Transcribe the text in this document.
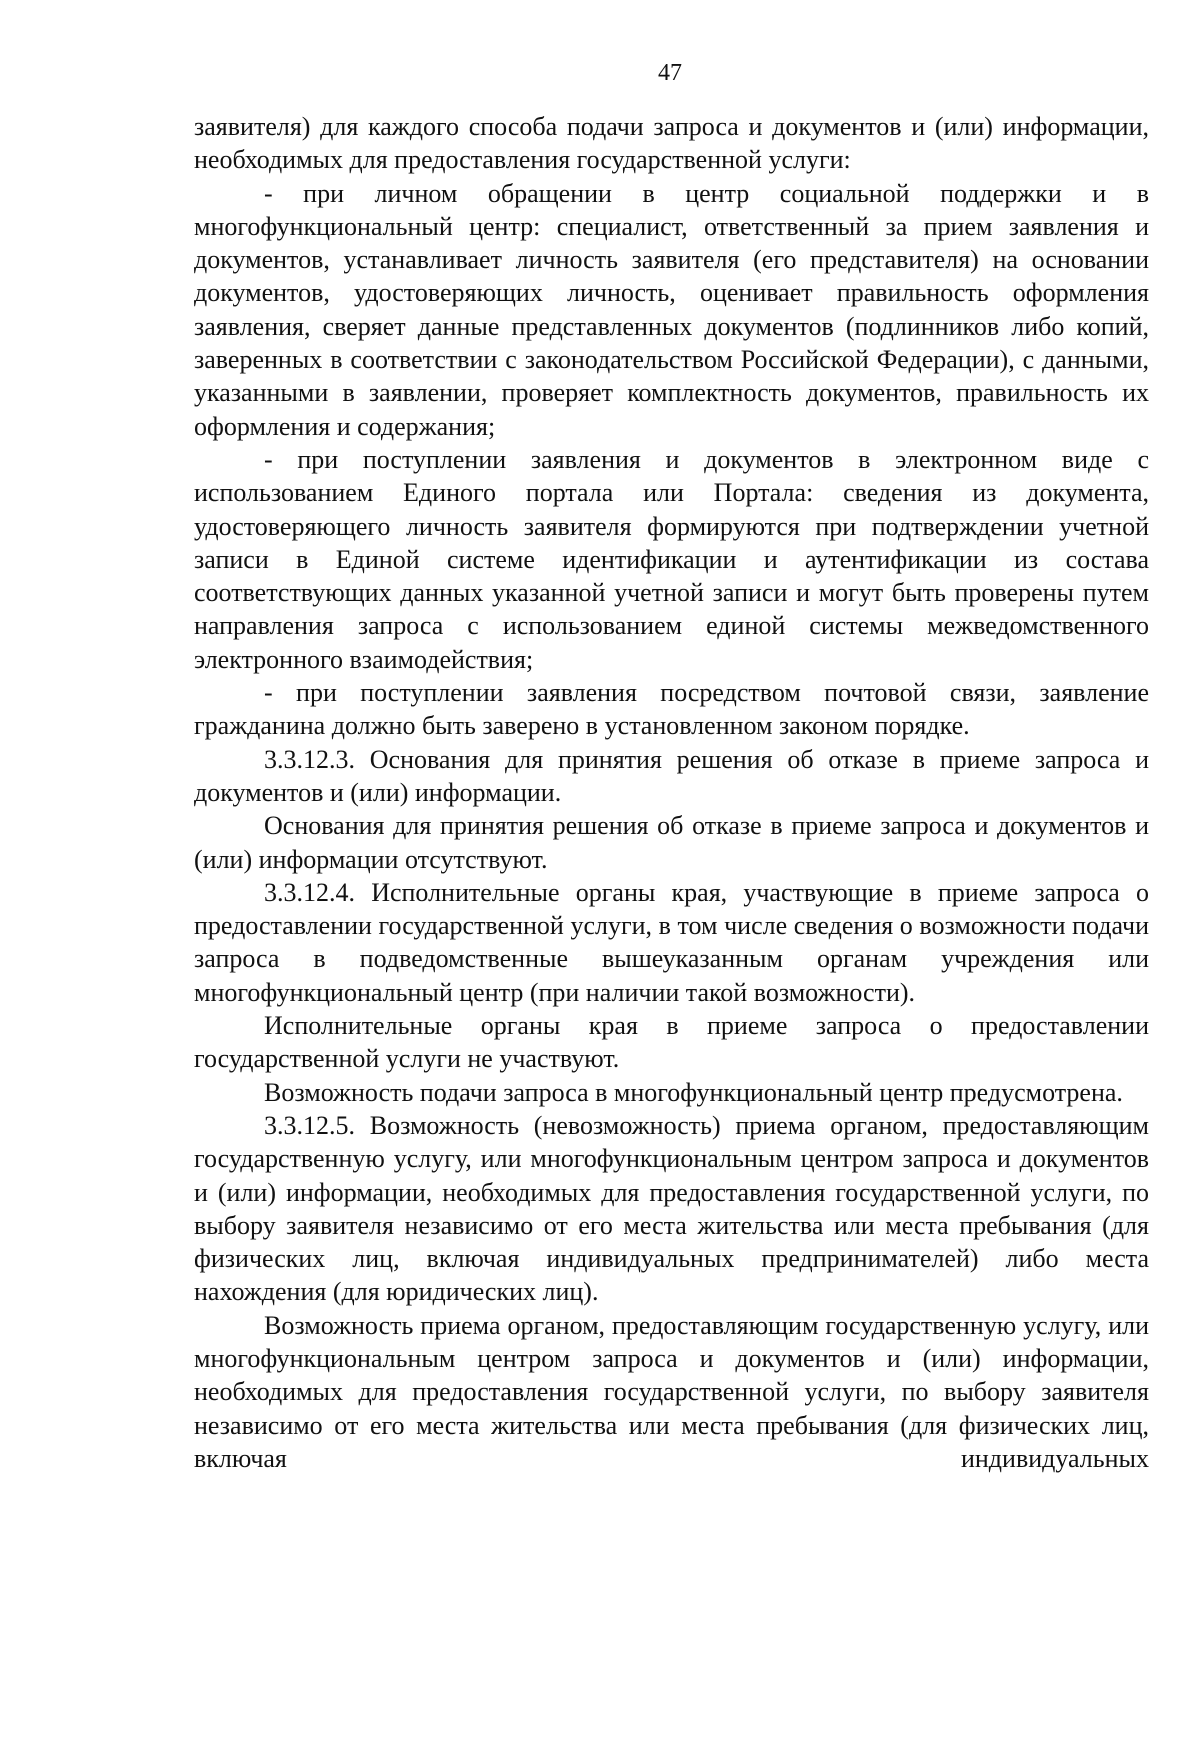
47

заявителя) для каждого способа подачи запроса и документов и (или) информации, необходимых для предоставления государственной услуги:

- при личном обращении в центр социальной поддержки и в многофункциональный центр: специалист, ответственный за прием заявления и документов, устанавливает личность заявителя (его представителя) на основании документов, удостоверяющих личность, оценивает правильность оформления заявления, сверяет данные представленных документов (подлинников либо копий, заверенных в соответствии с законодательством Российской Федерации), с данными, указанными в заявлении, проверяет комплектность документов, правильность их оформления и содержания;

- при поступлении заявления и документов в электронном виде с использованием Единого портала или Портала: сведения из документа, удостоверяющего личность заявителя формируются при подтверждении учетной записи в Единой системе идентификации и аутентификации из состава соответствующих данных указанной учетной записи и могут быть проверены путем направления запроса с использованием единой системы межведомственного электронного взаимодействия;

- при поступлении заявления посредством почтовой связи, заявление гражданина должно быть заверено в установленном законом порядке.

3.3.12.3. Основания для принятия решения об отказе в приеме запроса и документов и (или) информации.

Основания для принятия решения об отказе в приеме запроса и документов и (или) информации отсутствуют.

3.3.12.4. Исполнительные органы края, участвующие в приеме запроса о предоставлении государственной услуги, в том числе сведения о возможности подачи запроса в подведомственные вышеуказанным органам учреждения или многофункциональный центр (при наличии такой возможности).

Исполнительные органы края в приеме запроса о предоставлении государственной услуги не участвуют.

Возможность подачи запроса в многофункциональный центр предусмотрена.

3.3.12.5. Возможность (невозможность) приема органом, предоставляющим государственную услугу, или многофункциональным центром запроса и документов и (или) информации, необходимых для предоставления государственной услуги, по выбору заявителя независимо от его места жительства или места пребывания (для физических лиц, включая индивидуальных предпринимателей) либо места нахождения (для юридических лиц).

Возможность приема органом, предоставляющим государственную услугу, или многофункциональным центром запроса и документов и (или) информации, необходимых для предоставления государственной услуги, по выбору заявителя независимо от его места жительства или места пребывания (для физических лиц, включая индивидуальных
